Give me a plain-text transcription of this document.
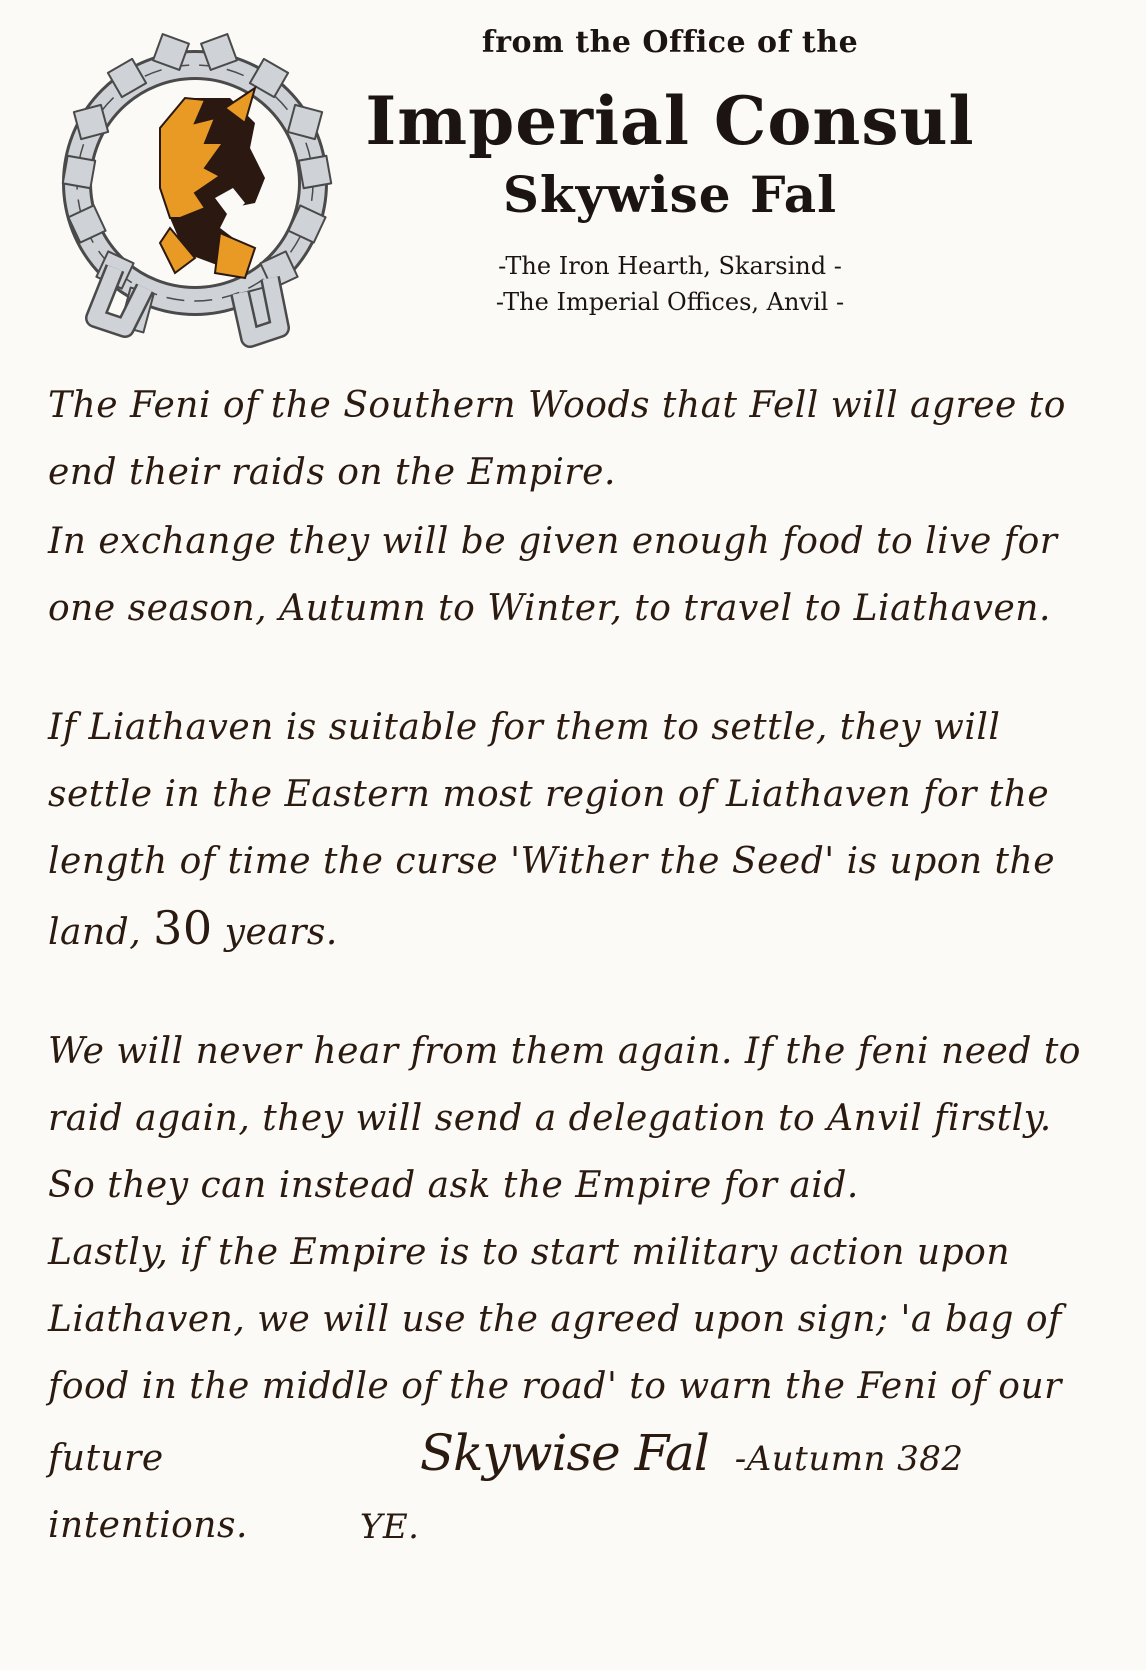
from the Office of the

Imperial Consul

Skywise Fal

-The Iron Hearth, Skarsind -

-The Imperial Offices, Anvil -

The Feni of the Southern Woods that Fell will agree to end their raids on the Empire.

In exchange they will be given enough food to live for one season, Autumn to Winter, to travel to Liathaven.

If Liathaven is suitable for them to settle, they will settle in the Eastern most region of Liathaven for the length of time the curse 'Wither the Seed' is upon the land, 30 years.

We will never hear from them again. If the feni need to raid again, they will send a delegation to Anvil firstly. So they can instead ask the Empire for aid.

Lastly, if the Empire is to start military action upon Liathaven, we will use the agreed upon sign; 'a bag of food in the middle of the road' to warn the Feni of our

future intentions.
Skywise Fal -Autumn 382 YE.
